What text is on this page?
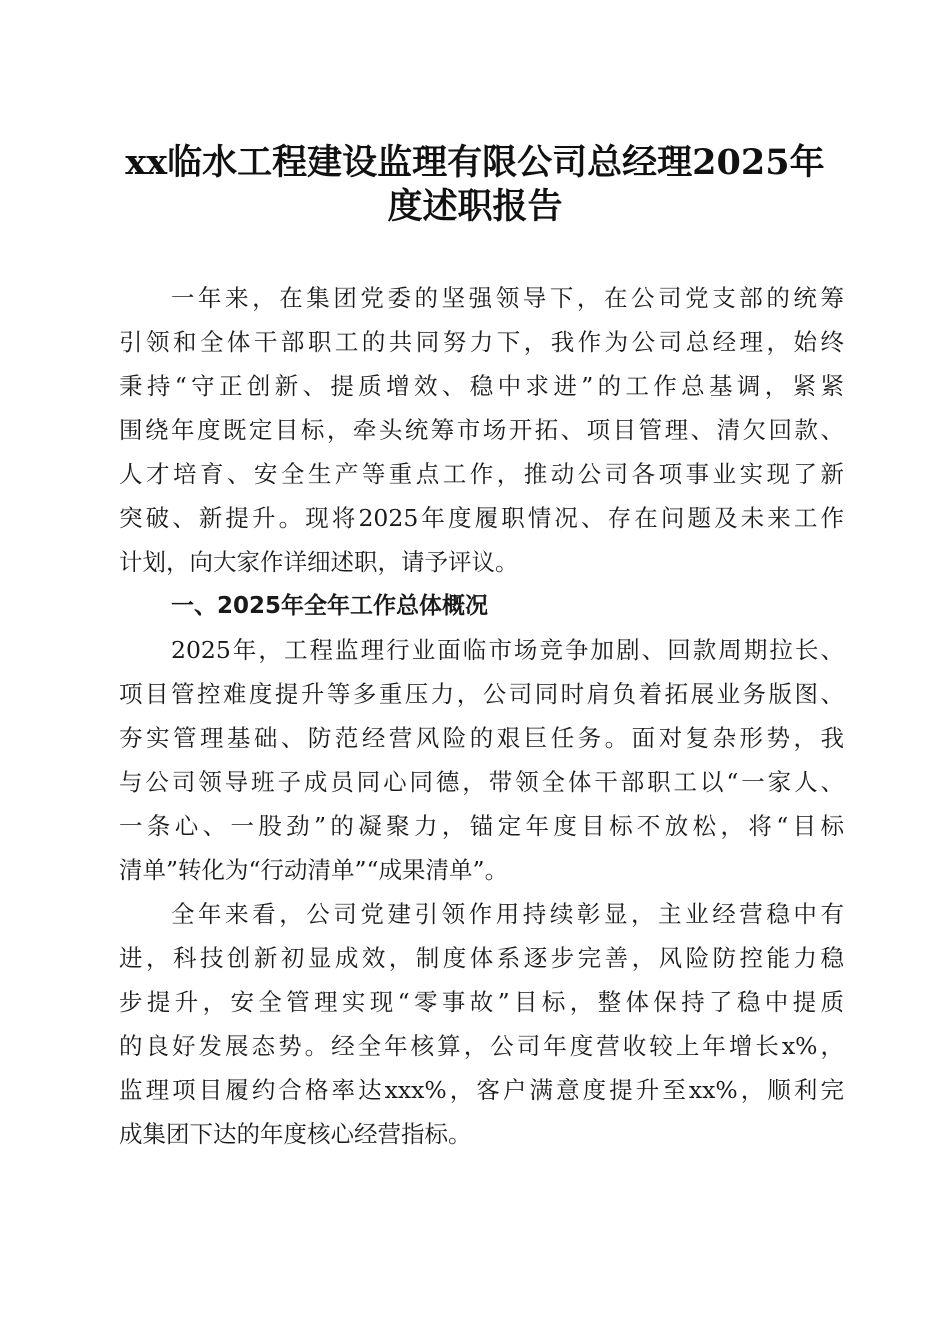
xx临水工程建设监理有限公司总经理2025年
度述职报告
一年来，在集团党委的坚强领导下，在公司党支部的统筹
引领和全体干部职工的共同努力下，我作为公司总经理，始终
秉持“守正创新、提质增效、稳中求进”的工作总基调，紧紧
围绕年度既定目标，牵头统筹市场开拓、项目管理、清欠回款、
人才培育、安全生产等重点工作，推动公司各项事业实现了新
突破、新提升。现将2025年度履职情况、存在问题及未来工作
计划，向大家作详细述职，请予评议。
一、2025年全年工作总体概况
2025年，工程监理行业面临市场竞争加剧、回款周期拉长、
项目管控难度提升等多重压力，公司同时肩负着拓展业务版图、
夯实管理基础、防范经营风险的艰巨任务。面对复杂形势，我
与公司领导班子成员同心同德，带领全体干部职工以“一家人、
一条心、一股劲”的凝聚力，锚定年度目标不放松，将“目标
清单”转化为“行动清单”“成果清单”。
全年来看，公司党建引领作用持续彰显，主业经营稳中有
进，科技创新初显成效，制度体系逐步完善，风险防控能力稳
步提升，安全管理实现“零事故”目标，整体保持了稳中提质
的良好发展态势。经全年核算，公司年度营收较上年增长x%，
监理项目履约合格率达xxx%，客户满意度提升至xx%，顺利完
成集团下达的年度核心经营指标。
